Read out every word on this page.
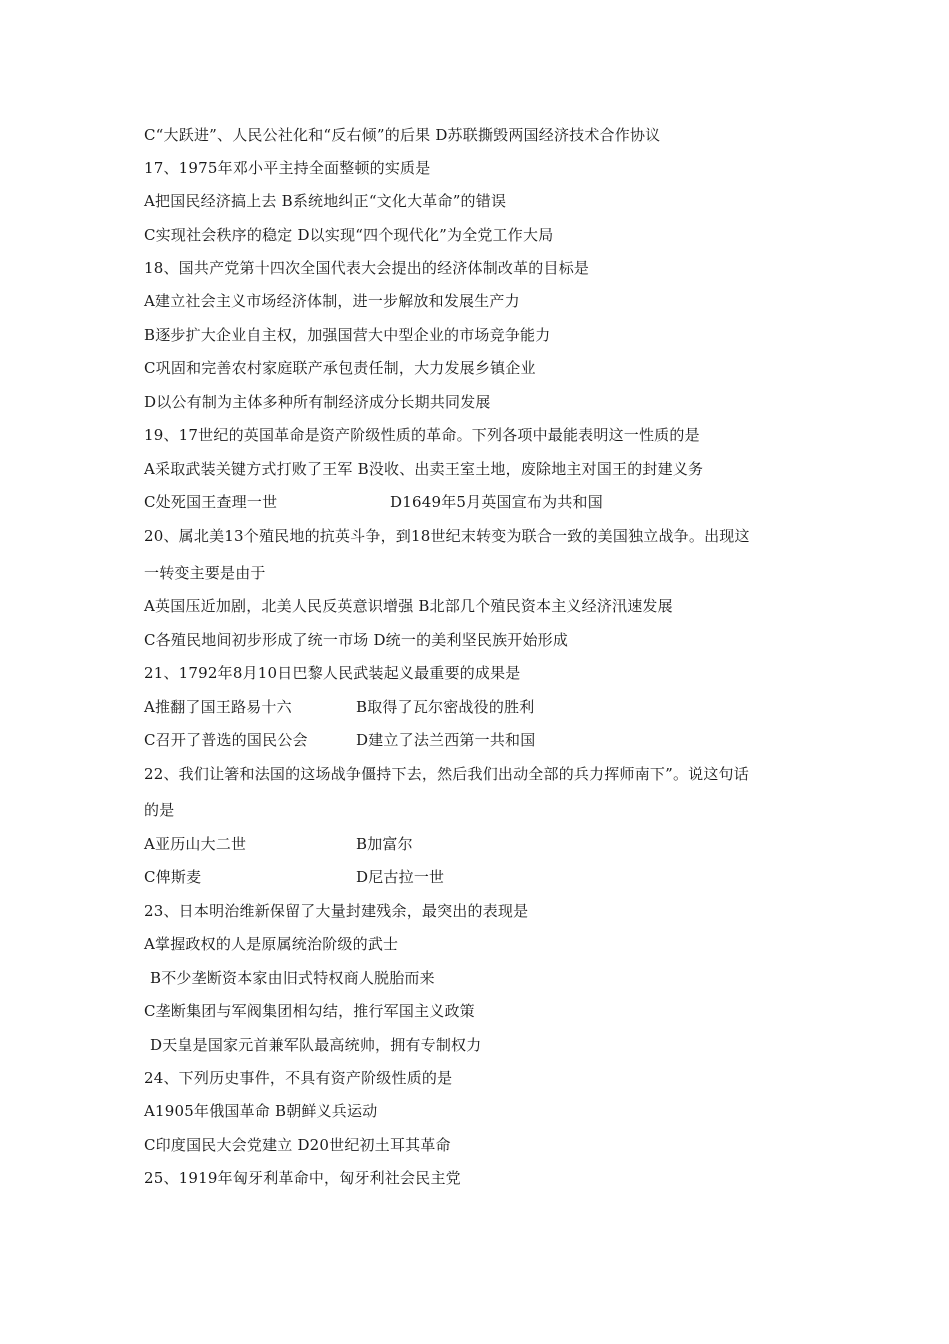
C“大跃进”、人民公社化和“反右倾”的后果 D苏联撕毁两国经济技术合作协议
17、1975年邓小平主持全面整顿的实质是
A把国民经济搞上去 B系统地纠正“文化大革命”的错误
C实现社会秩序的稳定 D以实现“四个现代化”为全党工作大局
18、国共产党第十四次全国代表大会提出的经济体制改革的目标是
A建立社会主义市场经济体制，进一步解放和发展生产力
B逐步扩大企业自主权，加强国营大中型企业的市场竞争能力
C巩固和完善农村家庭联产承包责任制，大力发展乡镇企业
D以公有制为主体多种所有制经济成分长期共同发展
19、17世纪的英国革命是资产阶级性质的革命。下列各项中最能表明这一性质的是
A采取武装关键方式打败了王军 B没收、出卖王室土地，废除地主对国王的封建义务
C处死国王查理一世	D1649年5月英国宣布为共和国
20、属北美13个殖民地的抗英斗争，到18世纪末转变为联合一致的美国独立战争。出现这
一转变主要是由于
A英国压近加剧，北美人民反英意识增强 B北部几个殖民资本主义经济汛速发展
C各殖民地间初步形成了统一市场 D统一的美利坚民族开始形成
21、1792年8月10日巴黎人民武装起义最重要的成果是
A推翻了国王路易十六	B取得了瓦尔密战役的胜利
C召开了普选的国民公会	D建立了法兰西第一共和国
22、我们让箸和法国的这场战争僵持下去，然后我们出动全部的兵力挥师南下”。说这句话
的是
A亚历山大二世	B加富尔
C俾斯麦	D尼古拉一世
23、日本明治维新保留了大量封建残余，最突出的表现是
A掌握政权的人是原属统治阶级的武士
B不少垄断资本家由旧式特权商人脱胎而来
C垄断集团与军阀集团相勾结，推行军国主义政策
D天皇是国家元首兼军队最高统帅，拥有专制权力
24、下列历史事件，不具有资产阶级性质的是
A1905年俄国革命 B朝鲜义兵运动
C印度国民大会党建立 D20世纪初土耳其革命
25、1919年匈牙利革命中，匈牙利社会民主党
